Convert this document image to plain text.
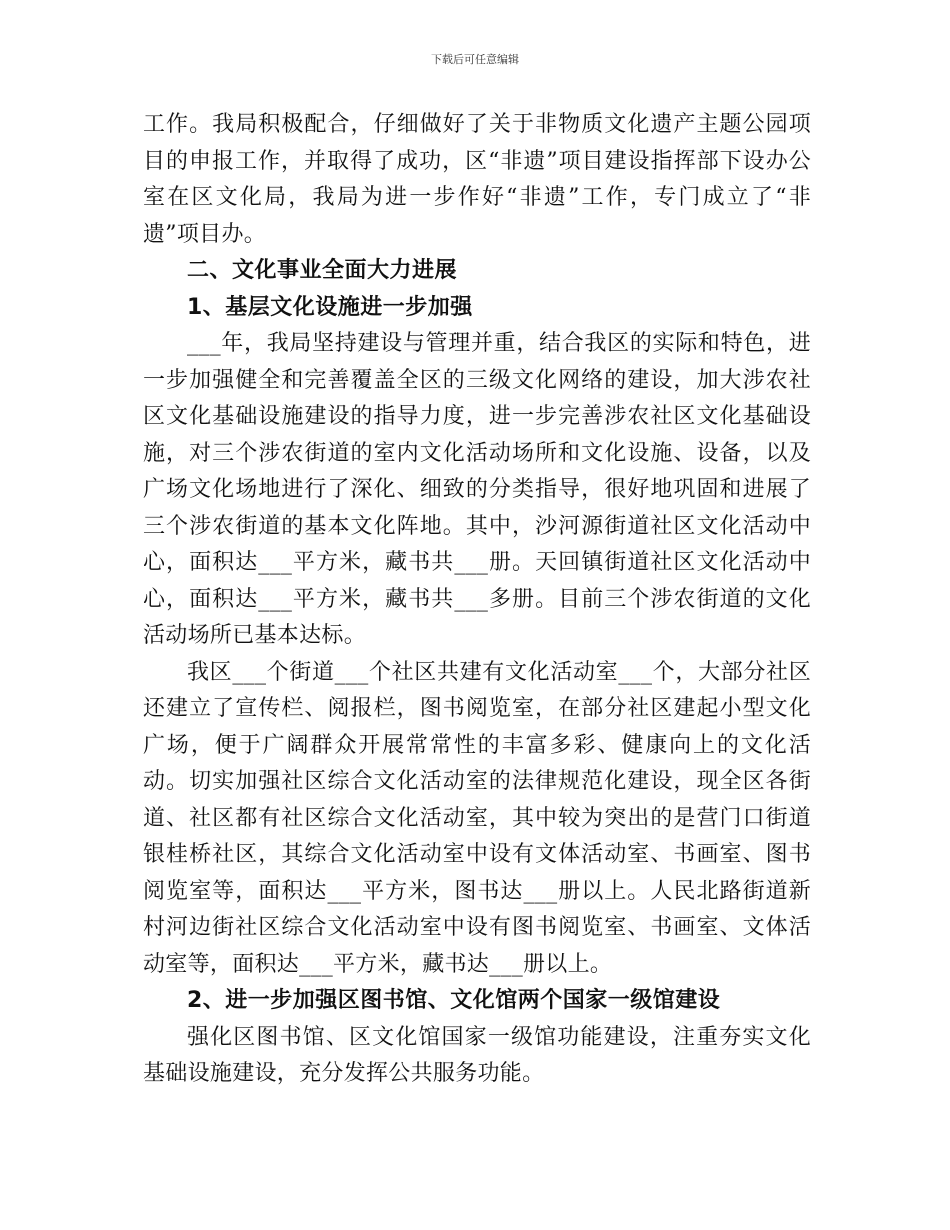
下载后可任意编辑

工作。我局积极配合，仔细做好了关于非物质文化遗产主题公园项目的申报工作，并取得了成功，区“非遗”项目建设指挥部下设办公室在区文化局，我局为进一步作好“非遗”工作，专门成立了“非遗”项目办。

二、文化事业全面大力进展

1、基层文化设施进一步加强

___年，我局坚持建设与管理并重，结合我区的实际和特色，进一步加强健全和完善覆盖全区的三级文化网络的建设，加大涉农社区文化基础设施建设的指导力度，进一步完善涉农社区文化基础设施，对三个涉农街道的室内文化活动场所和文化设施、设备，以及广场文化场地进行了深化、细致的分类指导，很好地巩固和进展了三个涉农街道的基本文化阵地。其中，沙河源街道社区文化活动中心，面积达___平方米，藏书共___册。天回镇街道社区文化活动中心，面积达___平方米，藏书共___多册。目前三个涉农街道的文化活动场所已基本达标。

我区___个街道___个社区共建有文化活动室___个，大部分社区还建立了宣传栏、阅报栏，图书阅览室，在部分社区建起小型文化广场，便于广阔群众开展常常性的丰富多彩、健康向上的文化活动。切实加强社区综合文化活动室的法律规范化建设，现全区各街道、社区都有社区综合文化活动室，其中较为突出的是营门口街道银桂桥社区，其综合文化活动室中设有文体活动室、书画室、图书阅览室等，面积达___平方米，图书达___册以上。人民北路街道新村河边街社区综合文化活动室中设有图书阅览室、书画室、文体活动室等，面积达___平方米，藏书达___册以上。

2、进一步加强区图书馆、文化馆两个国家一级馆建设

强化区图书馆、区文化馆国家一级馆功能建设，注重夯实文化基础设施建设，充分发挥公共服务功能。
